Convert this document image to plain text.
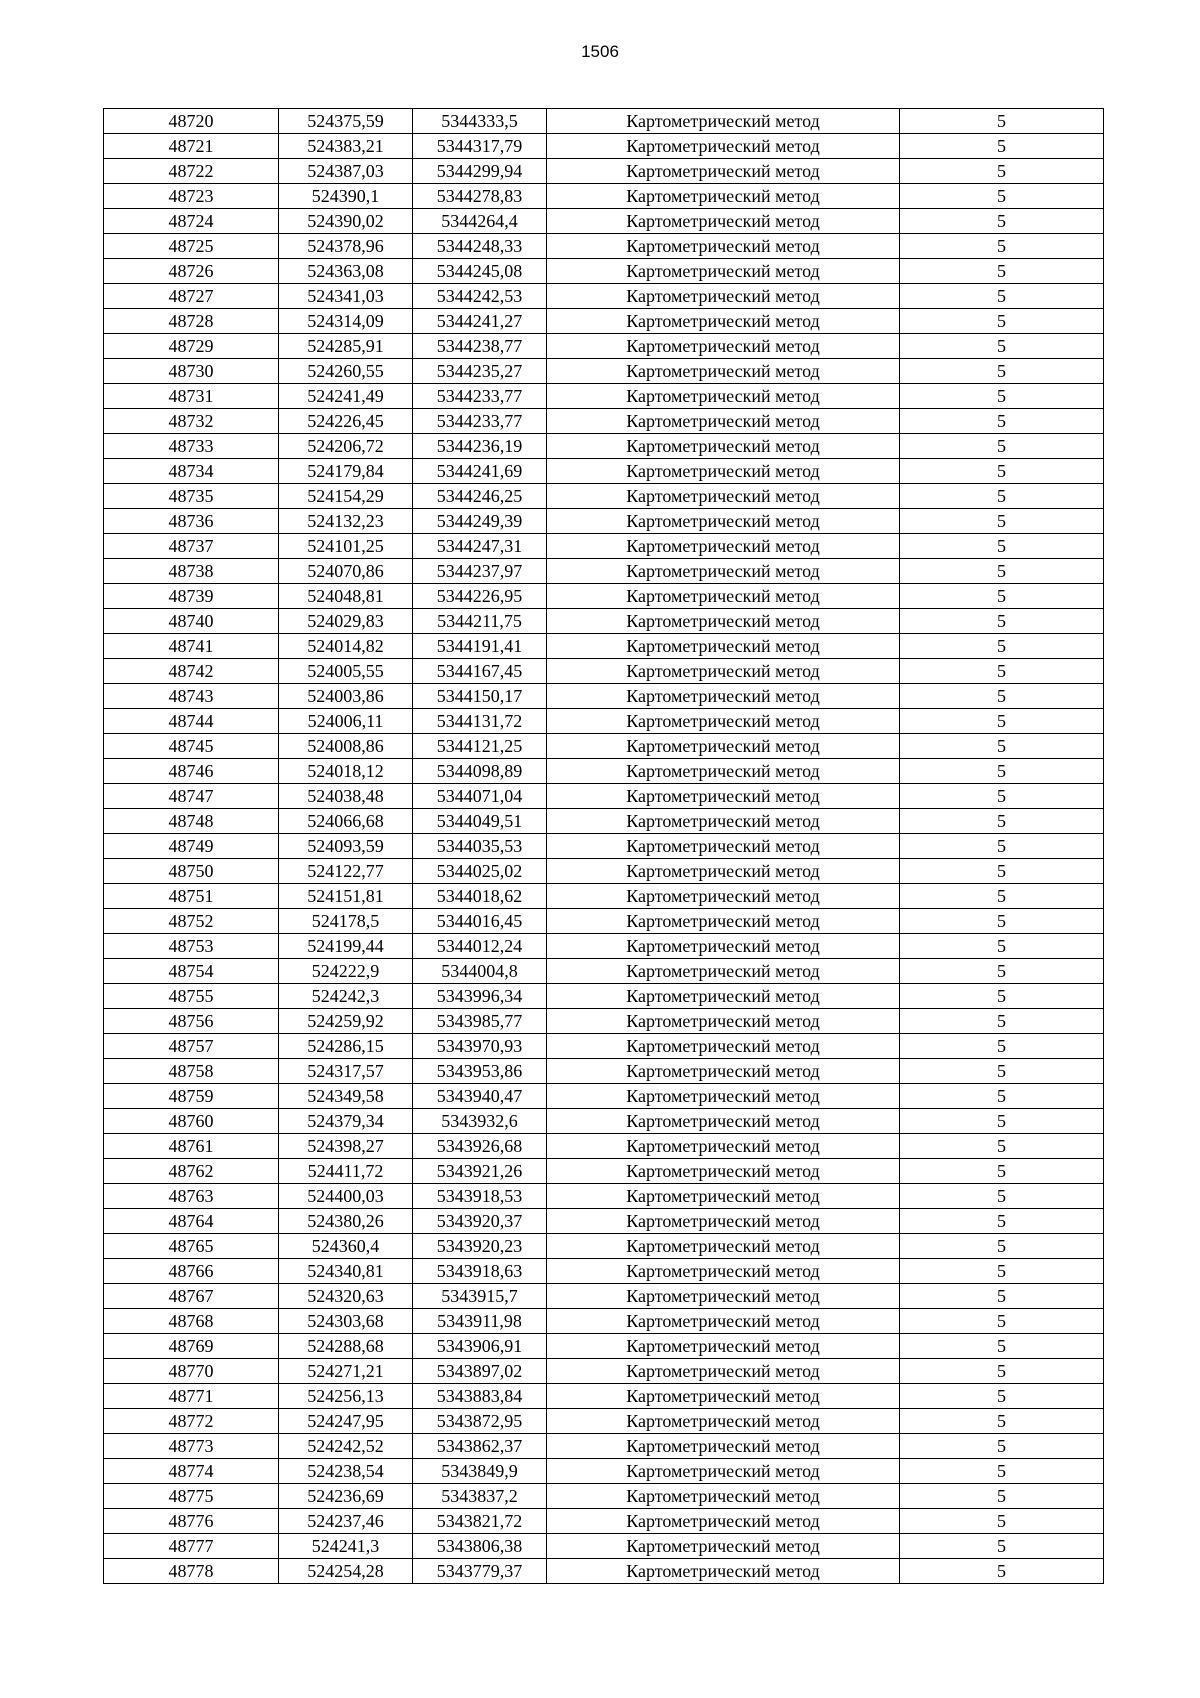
1506
48720	524375,59	5344333,5	Картометрический метод	5
48721	524383,21	5344317,79	Картометрический метод	5
48722	524387,03	5344299,94	Картометрический метод	5
48723	524390,1	5344278,83	Картометрический метод	5
48724	524390,02	5344264,4	Картометрический метод	5
48725	524378,96	5344248,33	Картометрический метод	5
48726	524363,08	5344245,08	Картометрический метод	5
48727	524341,03	5344242,53	Картометрический метод	5
48728	524314,09	5344241,27	Картометрический метод	5
48729	524285,91	5344238,77	Картометрический метод	5
48730	524260,55	5344235,27	Картометрический метод	5
48731	524241,49	5344233,77	Картометрический метод	5
48732	524226,45	5344233,77	Картометрический метод	5
48733	524206,72	5344236,19	Картометрический метод	5
48734	524179,84	5344241,69	Картометрический метод	5
48735	524154,29	5344246,25	Картометрический метод	5
48736	524132,23	5344249,39	Картометрический метод	5
48737	524101,25	5344247,31	Картометрический метод	5
48738	524070,86	5344237,97	Картометрический метод	5
48739	524048,81	5344226,95	Картометрический метод	5
48740	524029,83	5344211,75	Картометрический метод	5
48741	524014,82	5344191,41	Картометрический метод	5
48742	524005,55	5344167,45	Картометрический метод	5
48743	524003,86	5344150,17	Картометрический метод	5
48744	524006,11	5344131,72	Картометрический метод	5
48745	524008,86	5344121,25	Картометрический метод	5
48746	524018,12	5344098,89	Картометрический метод	5
48747	524038,48	5344071,04	Картометрический метод	5
48748	524066,68	5344049,51	Картометрический метод	5
48749	524093,59	5344035,53	Картометрический метод	5
48750	524122,77	5344025,02	Картометрический метод	5
48751	524151,81	5344018,62	Картометрический метод	5
48752	524178,5	5344016,45	Картометрический метод	5
48753	524199,44	5344012,24	Картометрический метод	5
48754	524222,9	5344004,8	Картометрический метод	5
48755	524242,3	5343996,34	Картометрический метод	5
48756	524259,92	5343985,77	Картометрический метод	5
48757	524286,15	5343970,93	Картометрический метод	5
48758	524317,57	5343953,86	Картометрический метод	5
48759	524349,58	5343940,47	Картометрический метод	5
48760	524379,34	5343932,6	Картометрический метод	5
48761	524398,27	5343926,68	Картометрический метод	5
48762	524411,72	5343921,26	Картометрический метод	5
48763	524400,03	5343918,53	Картометрический метод	5
48764	524380,26	5343920,37	Картометрический метод	5
48765	524360,4	5343920,23	Картометрический метод	5
48766	524340,81	5343918,63	Картометрический метод	5
48767	524320,63	5343915,7	Картометрический метод	5
48768	524303,68	5343911,98	Картометрический метод	5
48769	524288,68	5343906,91	Картометрический метод	5
48770	524271,21	5343897,02	Картометрический метод	5
48771	524256,13	5343883,84	Картометрический метод	5
48772	524247,95	5343872,95	Картометрический метод	5
48773	524242,52	5343862,37	Картометрический метод	5
48774	524238,54	5343849,9	Картометрический метод	5
48775	524236,69	5343837,2	Картометрический метод	5
48776	524237,46	5343821,72	Картометрический метод	5
48777	524241,3	5343806,38	Картометрический метод	5
48778	524254,28	5343779,37	Картометрический метод	5
